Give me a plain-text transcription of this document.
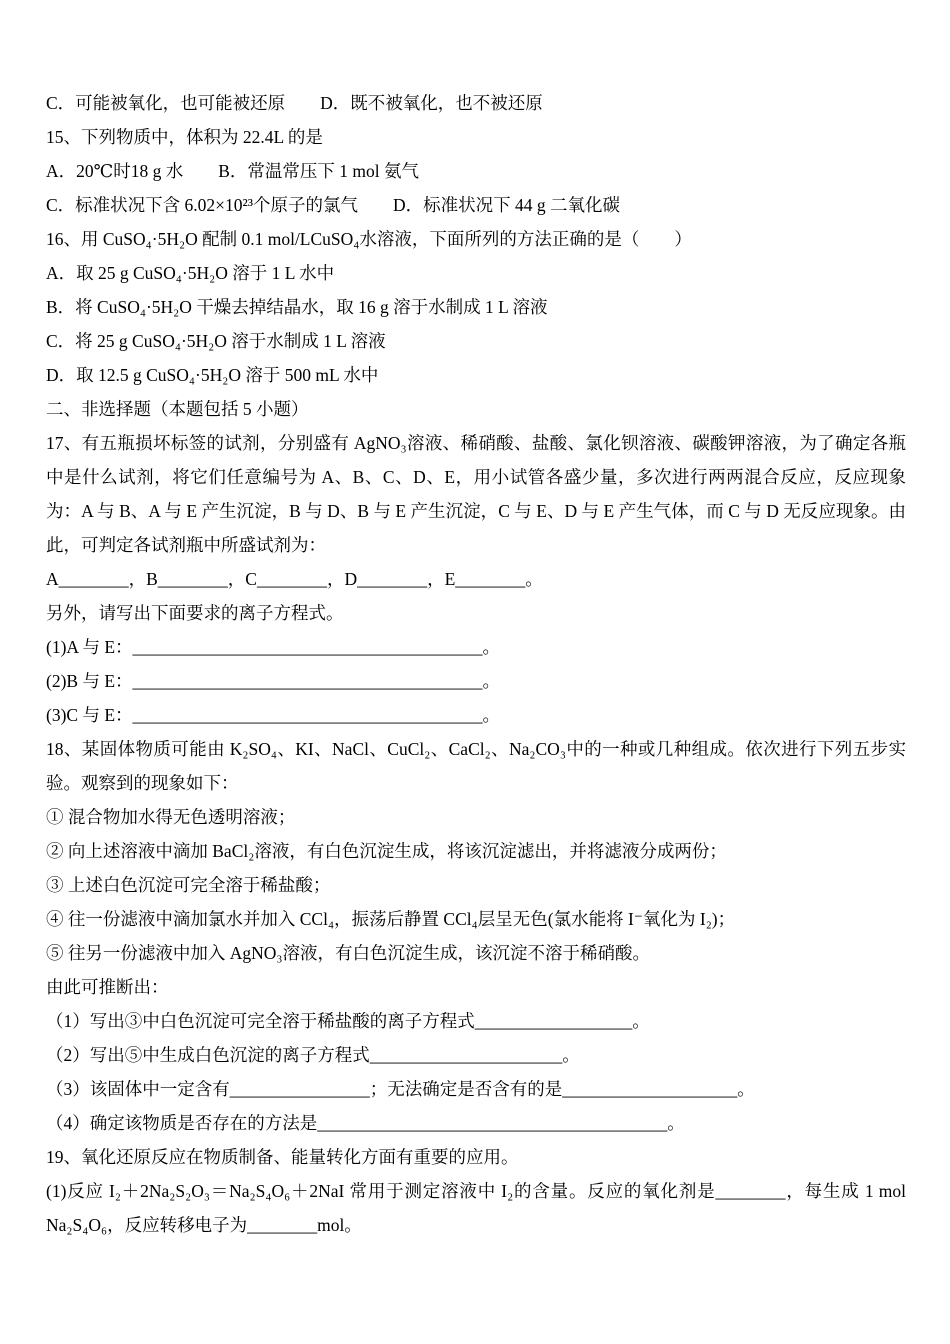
C．可能被氧化，也可能被还原　　D．既不被氧化，也不被还原

15、下列物质中，体积为 22.4L 的是

A．20℃时18 g 水　　B．常温常压下 1 mol 氨气

C．标准状况下含 6.02×10²³个原子的氯气　　D．标准状况下 44 g 二氧化碳

16、用 CuSO₄·5H₂O 配制 0.1 mol/LCuSO₄水溶液，下面所列的方法正确的是（　　）

A．取 25 g CuSO₄·5H₂O 溶于 1 L 水中

B．将 CuSO₄·5H₂O 干燥去掉结晶水，取 16 g 溶于水制成 1 L 溶液

C．将 25 g CuSO₄·5H₂O 溶于水制成 1 L 溶液

D．取 12.5 g CuSO₄·5H₂O 溶于 500 mL 水中

二、非选择题（本题包括 5 小题）

17、有五瓶损坏标签的试剂，分别盛有 AgNO₃溶液、稀硝酸、盐酸、氯化钡溶液、碳酸钾溶液，为了确定各瓶中是什么试剂，将它们任意编号为 A、B、C、D、E，用小试管各盛少量，多次进行两两混合反应，反应现象为：A 与 B、A 与 E 产生沉淀，B 与 D、B 与 E 产生沉淀，C 与 E、D 与 E 产生气体，而 C 与 D 无反应现象。由此，可判定各试剂瓶中所盛试剂为：

A________，B________，C________，D________，E________。

另外，请写出下面要求的离子方程式。

(1)A 与 E：________________________________________。

(2)B 与 E：________________________________________。

(3)C 与 E：________________________________________。

18、某固体物质可能由 K₂SO₄、KI、NaCl、CuCl₂、CaCl₂、Na₂CO₃中的一种或几种组成。依次进行下列五步实验。观察到的现象如下：

① 混合物加水得无色透明溶液；

② 向上述溶液中滴加 BaCl₂溶液，有白色沉淀生成，将该沉淀滤出，并将滤液分成两份；

③ 上述白色沉淀可完全溶于稀盐酸；

④ 往一份滤液中滴加氯水并加入 CCl₄，振荡后静置 CCl₄层呈无色(氯水能将 I⁻氧化为 I₂)；

⑤ 往另一份滤液中加入 AgNO₃溶液，有白色沉淀生成，该沉淀不溶于稀硝酸。

由此可推断出：

（1）写出③中白色沉淀可完全溶于稀盐酸的离子方程式__________________。

（2）写出⑤中生成白色沉淀的离子方程式______________________。

（3）该固体中一定含有________________；无法确定是否含有的是____________________。

（4）确定该物质是否存在的方法是________________________________________。

19、氧化还原反应在物质制备、能量转化方面有重要的应用。

(1)反应 I₂＋2Na₂S₂O₃＝Na₂S₄O₆＋2NaI 常用于测定溶液中 I₂的含量。反应的氧化剂是________，每生成 1 mol Na₂S₄O₆，反应转移电子为________mol。
